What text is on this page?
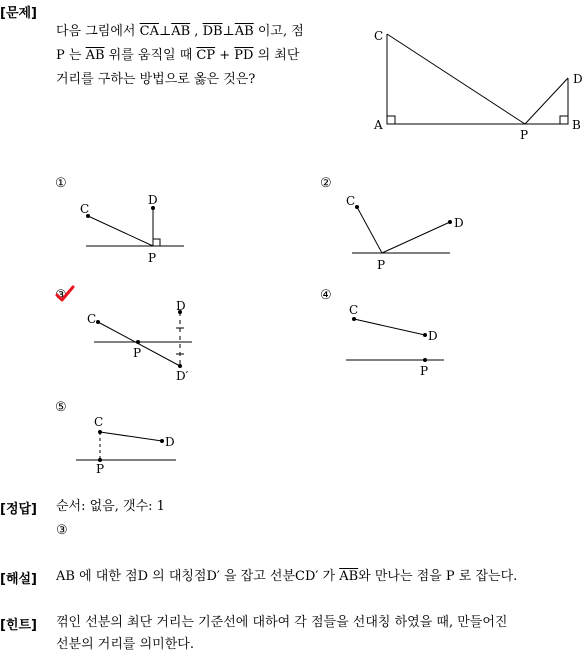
[문제]
다음 그림에서 $\overline{CA}\perp\overline{AB}$ , $\overline{DB}\perp\overline{AB}$ 이고, 점
P 는 $\overline{AB}$ 위를 움직일 때 $\overline{CP} + \overline{PD}$ 의 최단
거리를 구하는 방법으로 옳은 것은?
C
A
P
B
D
①
C
D
P
②
C
D
P
③
C
D
P
D′
④
C
D
P
⑤
C
D
P
[정답] 순서: 없음, 갯수: 1
③
[해설] AB 에 대한 점D 의 대칭점D′ 을 잡고 선분CD′ 가 $\overline{AB}$와 만나는 점을 P 로 잡는다.
[힌트] 꺾인 선분의 최단 거리는 기준선에 대하여 각 점들을 선대칭 하였을 때, 만들어진
선분의 거리를 의미한다.
